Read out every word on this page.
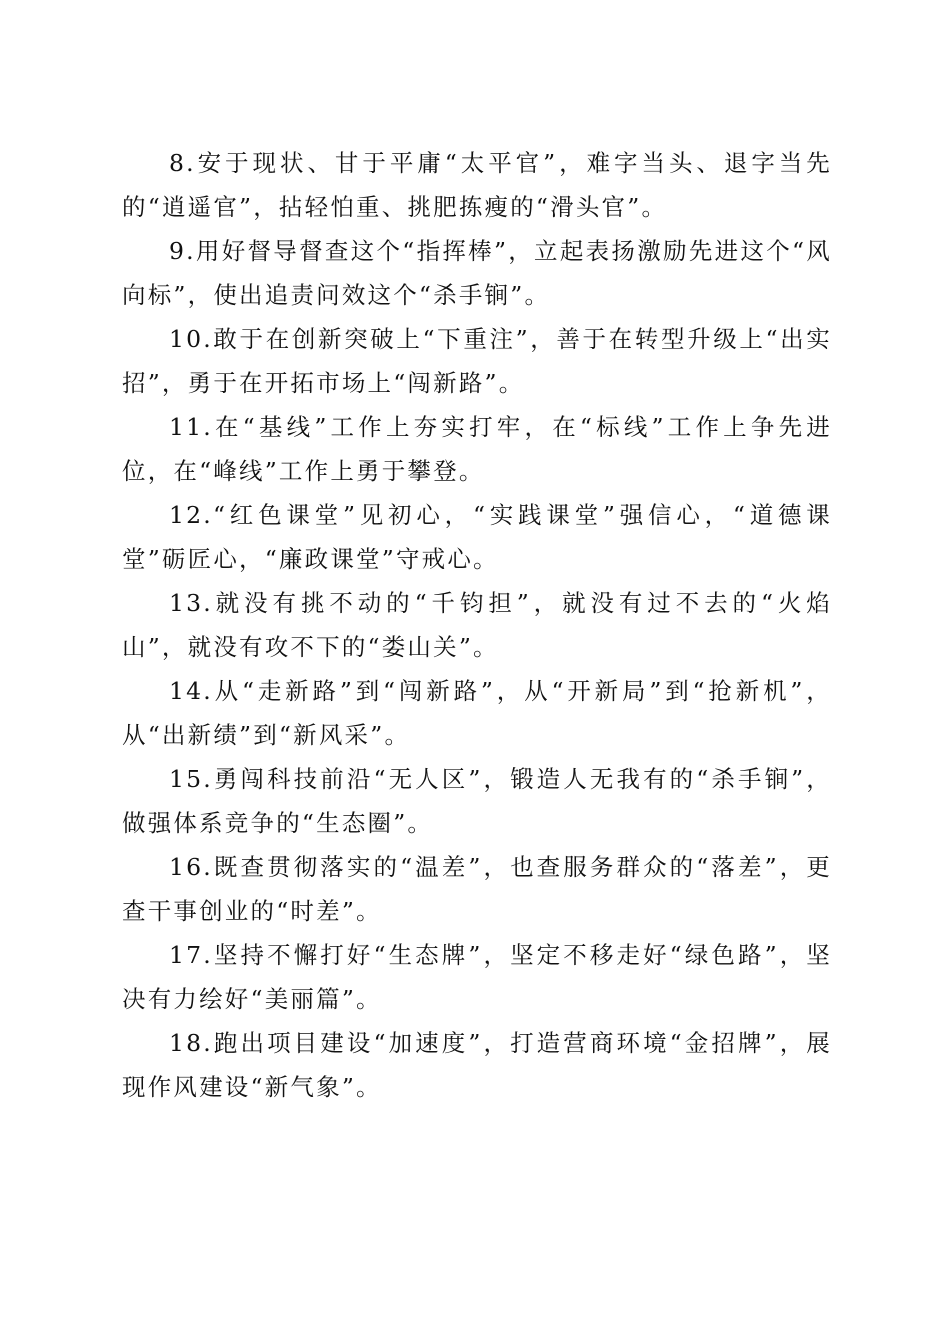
8.安于现状、甘于平庸“太平官”，难字当头、退字当先的“逍遥官”，拈轻怕重、挑肥拣瘦的“滑头官”。

9.用好督导督查这个“指挥棒”，立起表扬激励先进这个“风向标”，使出追责问效这个“杀手锏”。

10.敢于在创新突破上“下重注”，善于在转型升级上“出实招”，勇于在开拓市场上“闯新路”。

11.在“基线”工作上夯实打牢，在“标线”工作上争先进位，在“峰线”工作上勇于攀登。

12.“红色课堂”见初心，“实践课堂”强信心，“道德课堂”砺匠心，“廉政课堂”守戒心。

13.就没有挑不动的“千钧担”，就没有过不去的“火焰山”，就没有攻不下的“娄山关”。

14.从“走新路”到“闯新路”，从“开新局”到“抢新机”，从“出新绩”到“新风采”。

15.勇闯科技前沿“无人区”，锻造人无我有的“杀手锏”，做强体系竞争的“生态圈”。

16.既查贯彻落实的“温差”，也查服务群众的“落差”，更查干事创业的“时差”。

17.坚持不懈打好“生态牌”，坚定不移走好“绿色路”，坚决有力绘好“美丽篇”。

18.跑出项目建设“加速度”，打造营商环境“金招牌”，展现作风建设“新气象”。
